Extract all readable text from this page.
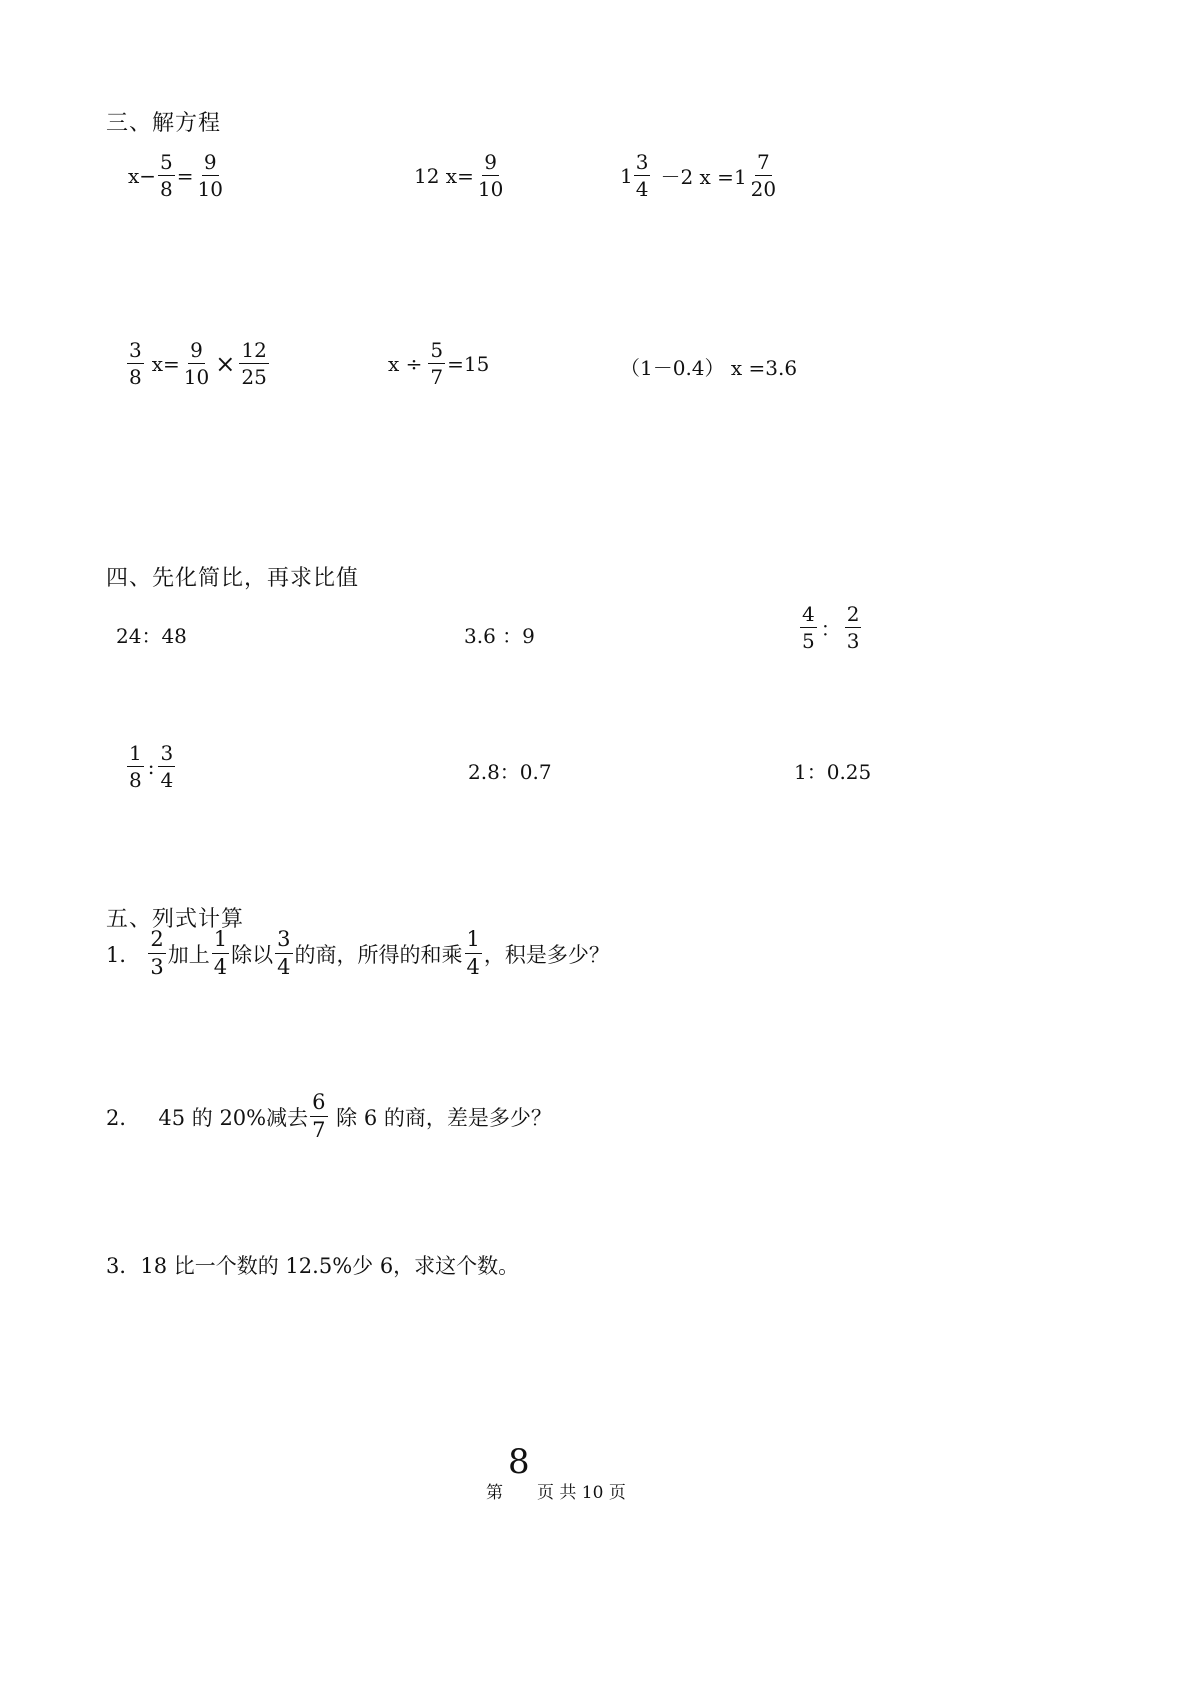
三、解方程
$x - \frac{5}{8} = \frac{9}{10}$	12 $x = \frac{9}{10}$	$1 \frac{3}{4} -2$ $x =1 \frac{7}{20}$
$\frac{3}{8}$ $x = \frac{9}{10} \times \frac{12}{25}$	$x \div \frac{5}{7} =15$	（1－0.4） x =3.6
四、先化简比，再求比值
24：48	3.6 ：9	$\frac{4}{5}$ ： $\frac{2}{3}$
$\frac{1}{8}$ : $\frac{3}{4}$	2.8：0.7	1：0.25
五、列式计算
1． $\frac{2}{3}$ 加上 $\frac{1}{4}$ 除以 $\frac{3}{4}$ 的商，所得的和乘 $\frac{1}{4}$ ，积是多少？
2． 45 的 20%减去 $\frac{6}{7}$ 除 6 的商，差是多少？
3．18 比一个数的 12.5%少 6，求这个数。
8
第　　页 共 10 页
